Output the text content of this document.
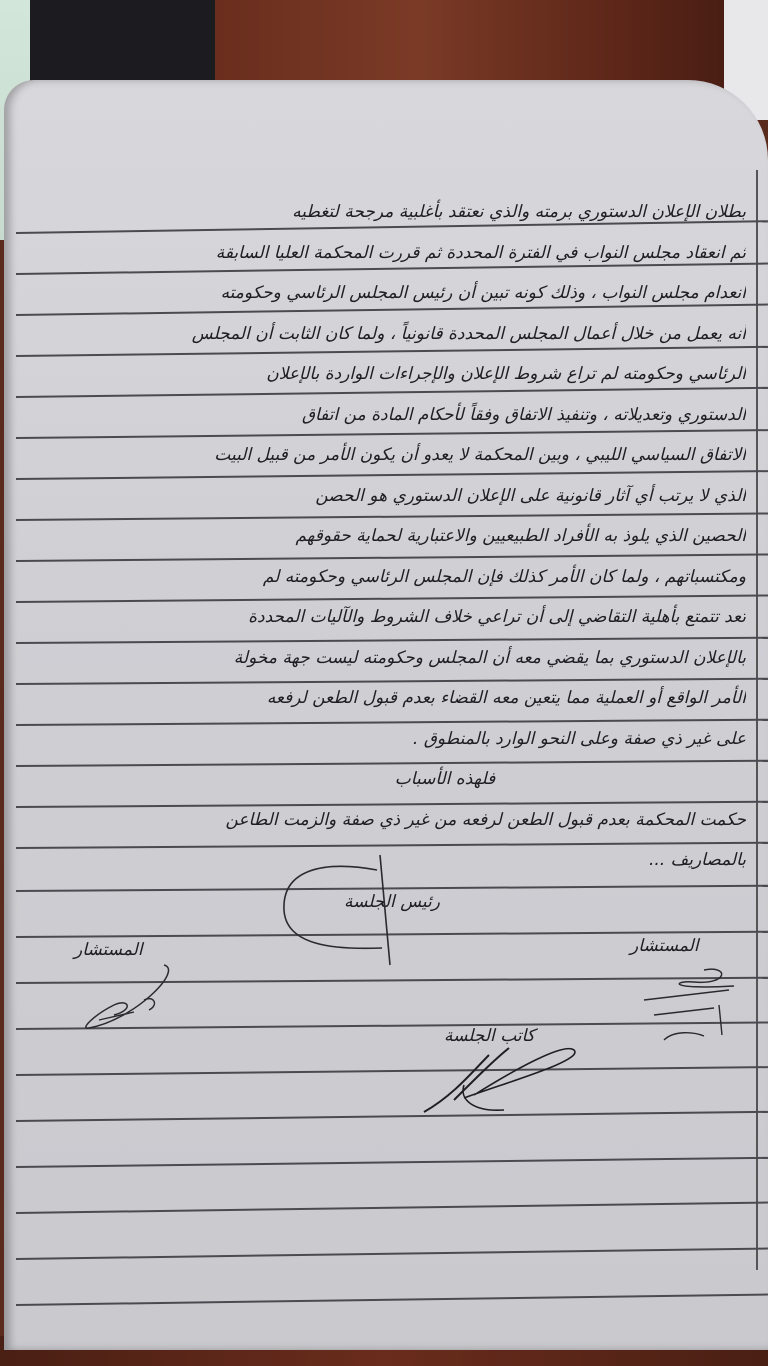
بطلان الإعلان الدستوري برمته والذي نعتقد بأغلبية مرجحة لتغطيه
ثم انعقاد مجلس النواب في الفترة المحددة ثم قررت المحكمة العليا السابقة
انعدام مجلس النواب ، وذلك كونه تبين أن رئيس المجلس الرئاسي وحكومته
أنه يعمل من خلال أعمال المجلس المحددة قانونياً ، ولما كان الثابت أن المجلس
الرئاسي وحكومته لم تراع شروط الإعلان والإجراءات الواردة بالإعلان
الدستوري وتعديلاته ، وتنفيذ الاتفاق وفقاً لأحكام المادة من اتفاق
الاتفاق السياسي الليبي ، وبين المحكمة لا يعدو أن يكون الأمر من قبيل البيت
الذي لا يرتب أي آثار قانونية على الإعلان الدستوري هو الحصن
الحصين الذي يلوذ به الأفراد الطبيعيين والاعتبارية لحماية حقوقهم
ومكتسباتهم ، ولما كان الأمر كذلك فإن المجلس الرئاسي وحكومته لم
تعد تتمتع بأهلية التقاضي إلى أن تراعي خلاف الشروط والآليات المحددة
بالإعلان الدستوري بما يقضي معه أن المجلس وحكومته ليست جهة مخولة
الأمر الواقع أو العملية مما يتعين معه القضاء بعدم قبول الطعن لرفعه
على غير ذي صفة وعلى النحو الوارد بالمنطوق .
فلهذه الأسباب
حكمت المحكمة بعدم قبول الطعن لرفعه من غير ذي صفة والزمت الطاعن
بالمصاريف ...
رئيس الجلسة
المستشار
المستشار
كاتب الجلسة
